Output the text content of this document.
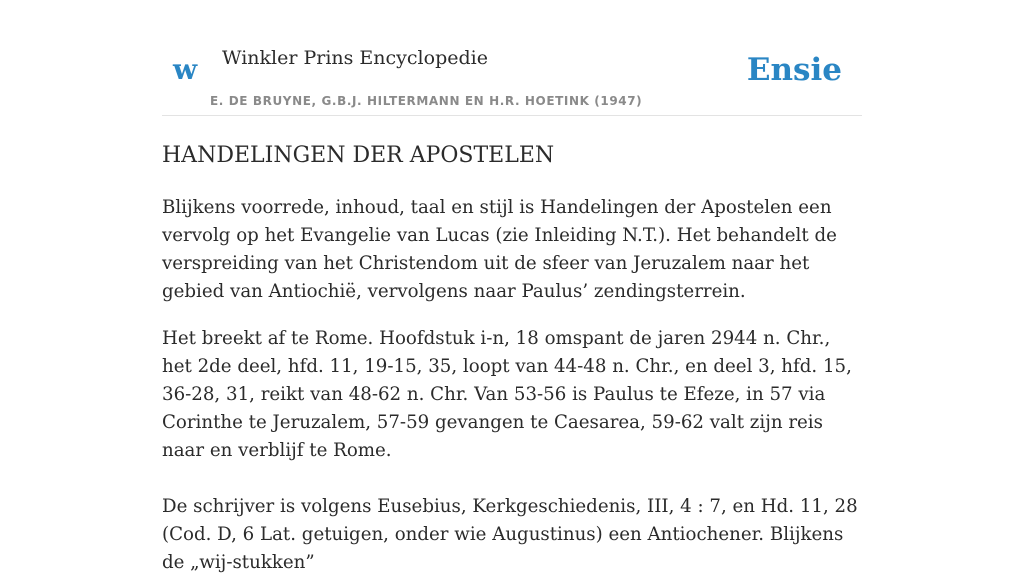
w Winkler Prins Encyclopedie
E. DE BRUYNE, G.B.J. HILTERMANN EN H.R. HOETINK (1947)
Ensie
HANDELINGEN DER APOSTELEN

Blijkens voorrede, inhoud, taal en stijl is Handelingen der Apostelen een vervolg op het Evangelie van Lucas (zie Inleiding N.T.). Het behandelt de verspreiding van het Christendom uit de sfeer van Jeruzalem naar het gebied van Antiochië, vervolgens naar Paulus’ zendingsterrein.

Het breekt af te Rome. Hoofdstuk i-n, 18 omspant de jaren 2944 n. Chr., het 2de deel, hfd. 11, 19-15, 35, loopt van 44-48 n. Chr., en deel 3, hfd. 15, 36-28, 31, reikt van 48-62 n. Chr. Van 53-56 is Paulus te Efeze, in 57 via Corinthe te Jeruzalem, 57-59 gevangen te Caesarea, 59-62 valt zijn reis naar en verblijf te Rome.

De schrijver is volgens Eusebius, Kerkgeschiedenis, III, 4 : 7, en Hd. 11, 28 (Cod. D, 6 Lat. getuigen, onder wie Augustinus) een Antiochener. Blijkens de „wij-stukken”
